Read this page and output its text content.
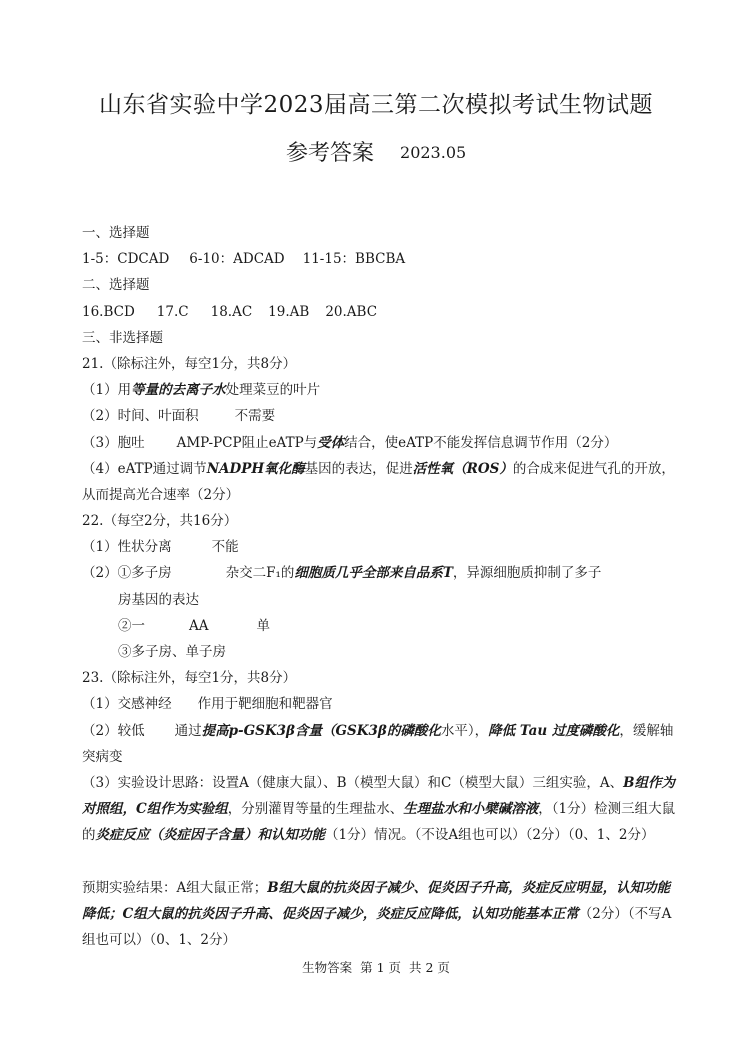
山东省实验中学2023届高三第二次模拟考试生物试题
参考答案 2023.05
一、选择题
1-5：CDCAD 6-10：ADCAD 11-15：BBCBA
二、选择题
16.BCD 17.C 18.AC 19.AB 20.ABC
三、非选择题
21.（除标注外，每空1分，共8分）
（1）用等量的去离子水处理菜豆的叶片
（2）时间、叶面积	不需要
（3）胞吐 AMP-PCP阻止eATP与受体结合，使eATP不能发挥信息调节作用（2分）
（4）eATP通过调节NADPH氧化酶基因的表达，促进活性氧（ROS）的合成来促进气孔的开放，从而提高光合速率（2分）
22.（每空2分，共16分）
（1）性状分离	不能
（2）①多子房	杂交二F₁的细胞质几乎全部来自品系T，异源细胞质抑制了多子
房基因的表达
②一	AA	单
③多子房、单子房
23.（除标注外，每空1分，共8分）
（1）交感神经 作用于靶细胞和靶器官
（2）较低 通过提高p-GSK3β含量（GSK3β的磷酸化水平），降低 Tau 过度磷酸化，缓解轴突病变
（3）实验设计思路：设置A（健康大鼠）、B（模型大鼠）和C（模型大鼠）三组实验，A、B组作为对照组，C组作为实验组，分别灌胃等量的生理盐水、生理盐水和小檗碱溶液，（1分）检测三组大鼠的炎症反应（炎症因子含量）和认知功能（1分）情况。（不设A组也可以）（2分）（0、1、2分）
预期实验结果：A组大鼠正常；B组大鼠的抗炎因子减少、促炎因子升高，炎症反应明显，认知功能降低；C组大鼠的抗炎因子升高、促炎因子减少，炎症反应降低，认知功能基本正常（2分）（不写A组也可以）（0、1、2分）
生物答案 第 1 页 共 2 页
